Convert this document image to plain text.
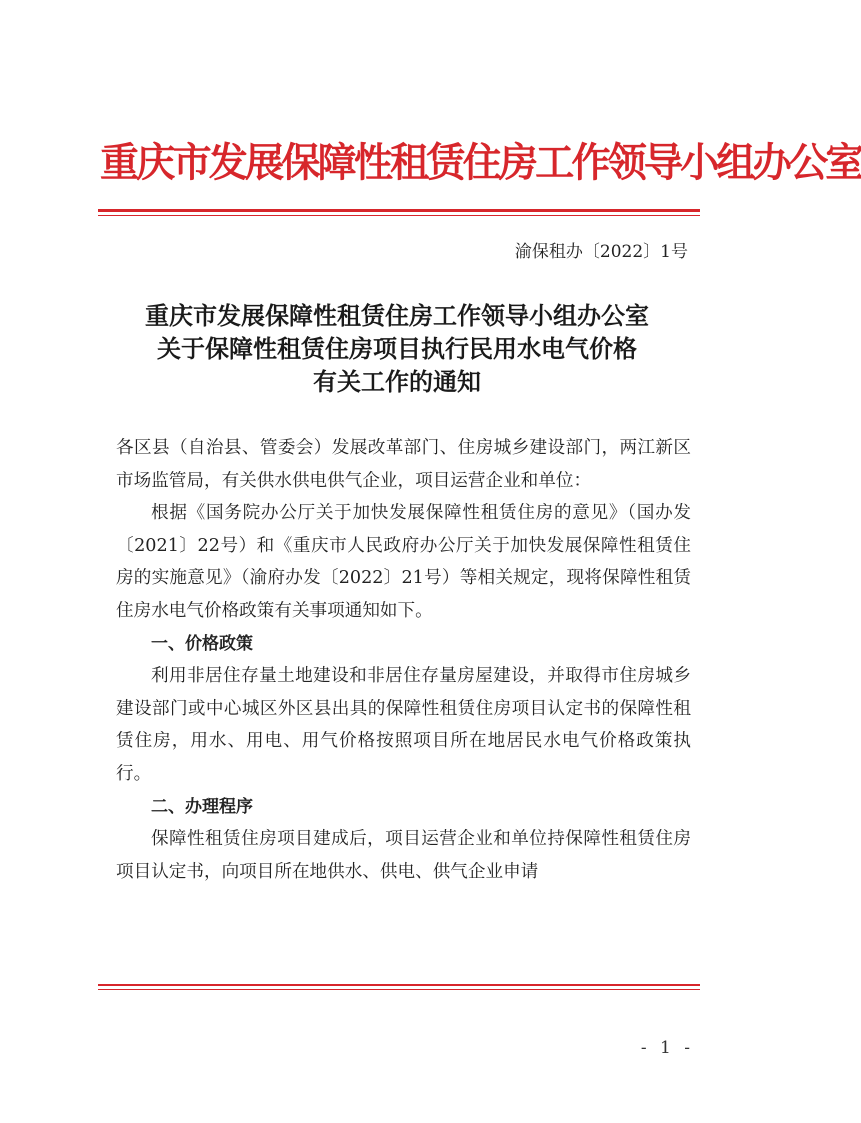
重庆市发展保障性租赁住房工作领导小组办公室
渝保租办〔2022〕1号
重庆市发展保障性租赁住房工作领导小组办公室
关于保障性租赁住房项目执行民用水电气价格
有关工作的通知

各区县（自治县、管委会）发展改革部门、住房城乡建设部门，两江新区市场监管局，有关供水供电供气企业，项目运营企业和单位：

根据《国务院办公厅关于加快发展保障性租赁住房的意见》（国办发〔2021〕22号）和《重庆市人民政府办公厅关于加快发展保障性租赁住房的实施意见》（渝府办发〔2022〕21号）等相关规定，现将保障性租赁住房水电气价格政策有关事项通知如下。

一、价格政策

利用非居住存量土地建设和非居住存量房屋建设，并取得市住房城乡建设部门或中心城区外区县出具的保障性租赁住房项目认定书的保障性租赁住房，用水、用电、用气价格按照项目所在地居民水电气价格政策执行。

二、办理程序

保障性租赁住房项目建成后，项目运营企业和单位持保障性租赁住房项目认定书，向项目所在地供水、供电、供气企业申请

- 1 -
